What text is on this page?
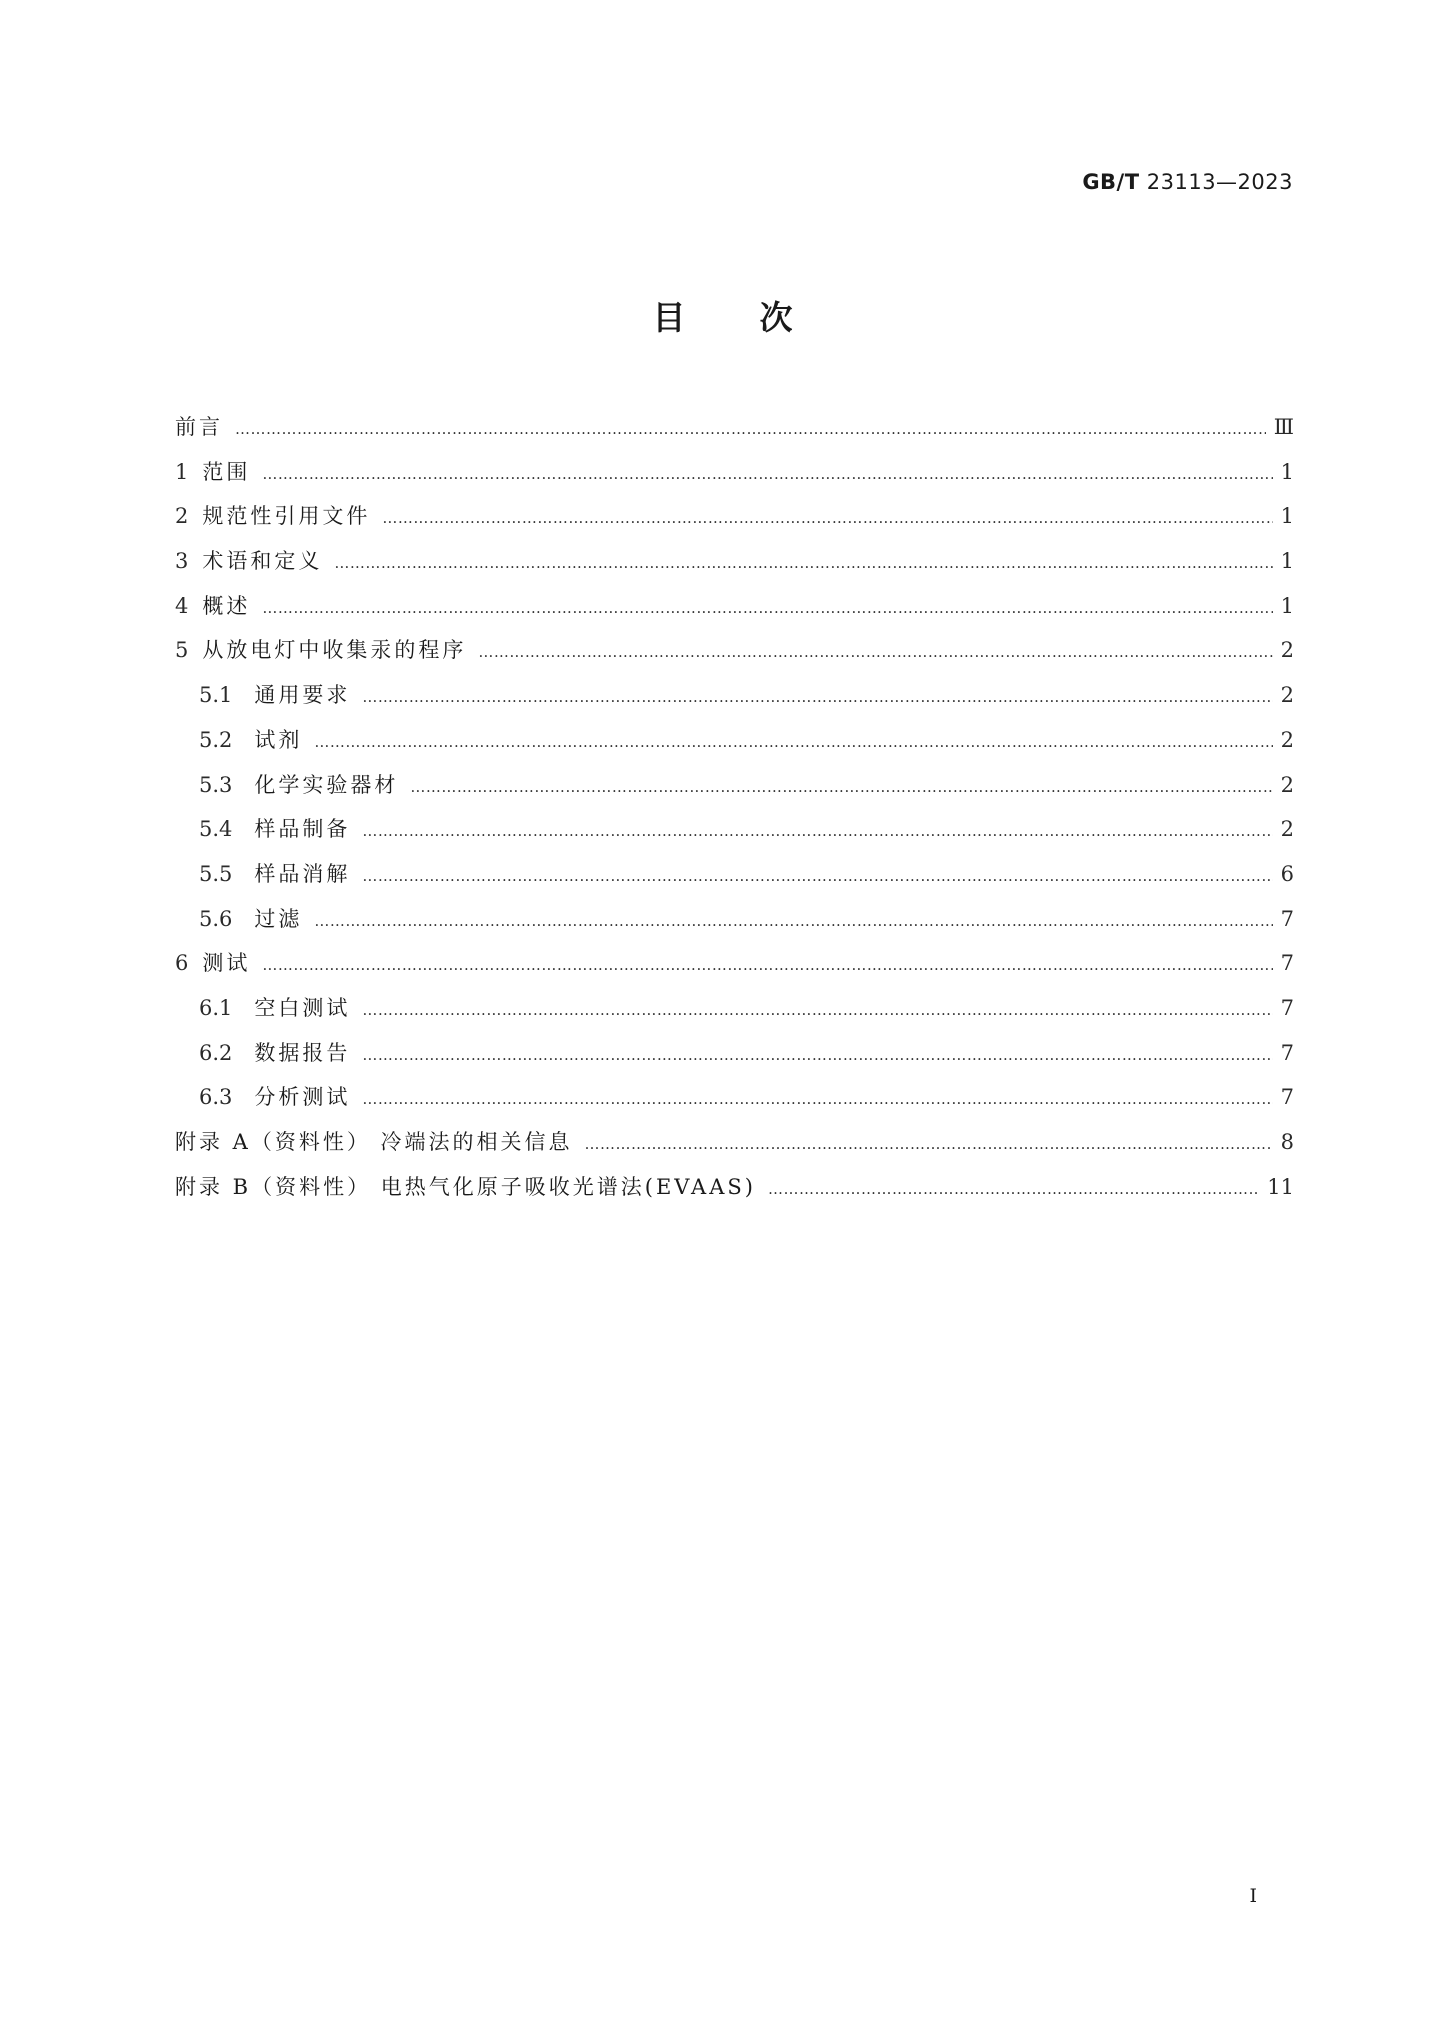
GB/T 23113—2023
目 次
前言 …………………………………………………………………………………………………………………………………………………………………………………………………………………………………………………………………	Ⅲ
1 范围 …………………………………………………………………………………………………………………………………………………………………………………………………………………………………………………………………	1
2 规范性引用文件 …………………………………………………………………………………………………………………………………………………………………………………………………………………………………………………………………	1
3 术语和定义 …………………………………………………………………………………………………………………………………………………………………………………………………………………………………………………………………	1
4 概述 …………………………………………………………………………………………………………………………………………………………………………………………………………………………………………………………………	1
5 从放电灯中收集汞的程序 …………………………………………………………………………………………………………………………………………………………………………………………………………………………………………………………………	2
5.1 通用要求 …………………………………………………………………………………………………………………………………………………………………………………………………………………………………………………………………	2
5.2 试剂 …………………………………………………………………………………………………………………………………………………………………………………………………………………………………………………………………	2
5.3 化学实验器材 …………………………………………………………………………………………………………………………………………………………………………………………………………………………………………………………………	2
5.4 样品制备 …………………………………………………………………………………………………………………………………………………………………………………………………………………………………………………………………	2
5.5 样品消解 …………………………………………………………………………………………………………………………………………………………………………………………………………………………………………………………………	6
5.6 过滤 …………………………………………………………………………………………………………………………………………………………………………………………………………………………………………………………………	7
6 测试 …………………………………………………………………………………………………………………………………………………………………………………………………………………………………………………………………	7
6.1 空白测试 …………………………………………………………………………………………………………………………………………………………………………………………………………………………………………………………………	7
6.2 数据报告 …………………………………………………………………………………………………………………………………………………………………………………………………………………………………………………………………	7
6.3 分析测试 …………………………………………………………………………………………………………………………………………………………………………………………………………………………………………………………………	7
附录 A（资料性） 冷端法的相关信息 …………………………………………………………………………………………………………………………………………………………………………………………………………………………………………………………………	8
附录 B（资料性） 电热气化原子吸收光谱法(EVAAS) …………………………………………………………………………………………………………………………………………………………………………………………………………………………………………………………………	11
Ⅰ
